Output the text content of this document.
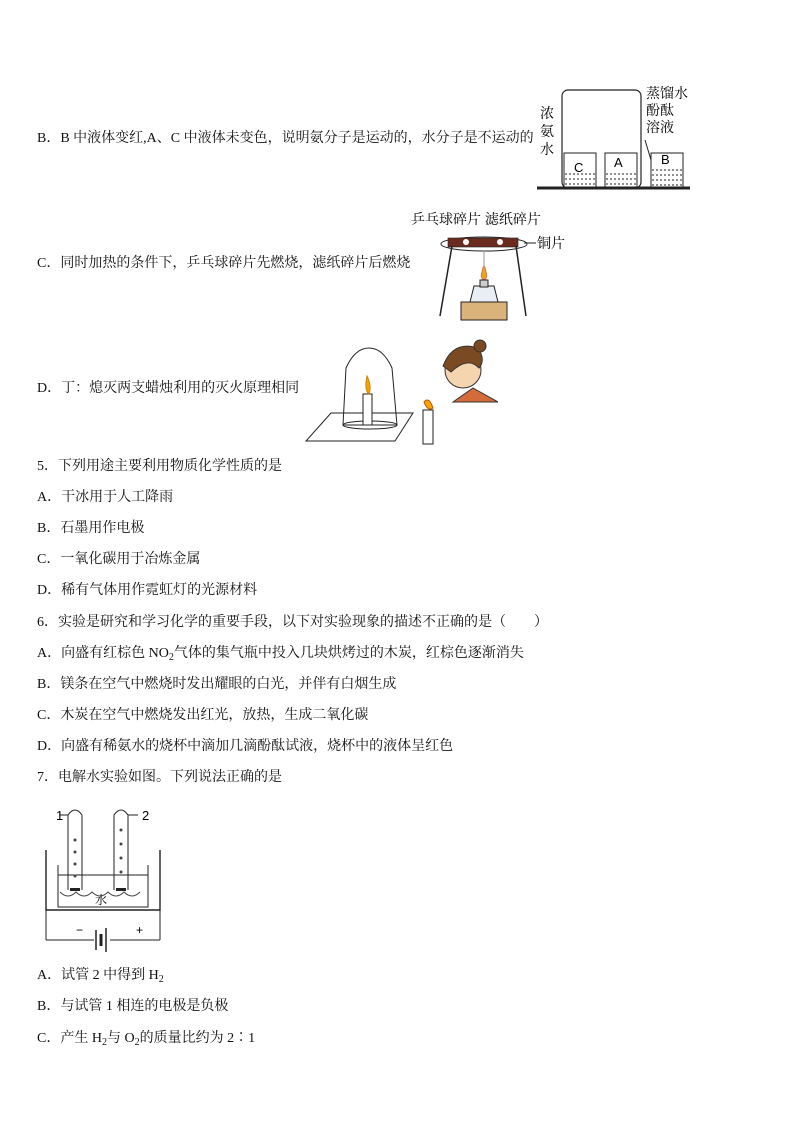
B．B 中液体变红,A、C 中液体未变色，说明氨分子是运动的，水分子是不运动的
C A	B
浓
氨
水
蒸馏水
酚酞
溶液
C．同时加热的条件下，乒乓球碎片先燃烧，滤纸碎片后燃烧
乒乓球碎片 滤纸碎片
铜片
D．丁：熄灭两支蜡烛利用的灭火原理相同
5．下列用途主要利用物质化学性质的是
A．干冰用于人工降雨
B．石墨用作电极
C．一氧化碳用于冶炼金属
D．稀有气体用作霓虹灯的光源材料
6．实验是研究和学习化学的重要手段，以下对实验现象的描述不正确的是（　　）
A．向盛有红棕色 $NO_2$气体的集气瓶中投入几块烘烤过的木炭，红棕色逐渐消失
B．镁条在空气中燃烧时发出耀眼的白光，并伴有白烟生成
C．木炭在空气中燃烧发出红光，放热，生成二氧化碳
D．向盛有稀氨水的烧杯中滴加几滴酚酞试液，烧杯中的液体呈红色
7．电解水实验如图。下列说法正确的是
1	2
水
−	+
A．试管 2 中得到 $H_2$
B．与试管 1 相连的电极是负极
C．产生 $H_2$与 $O_2$的质量比约为 2∶1
